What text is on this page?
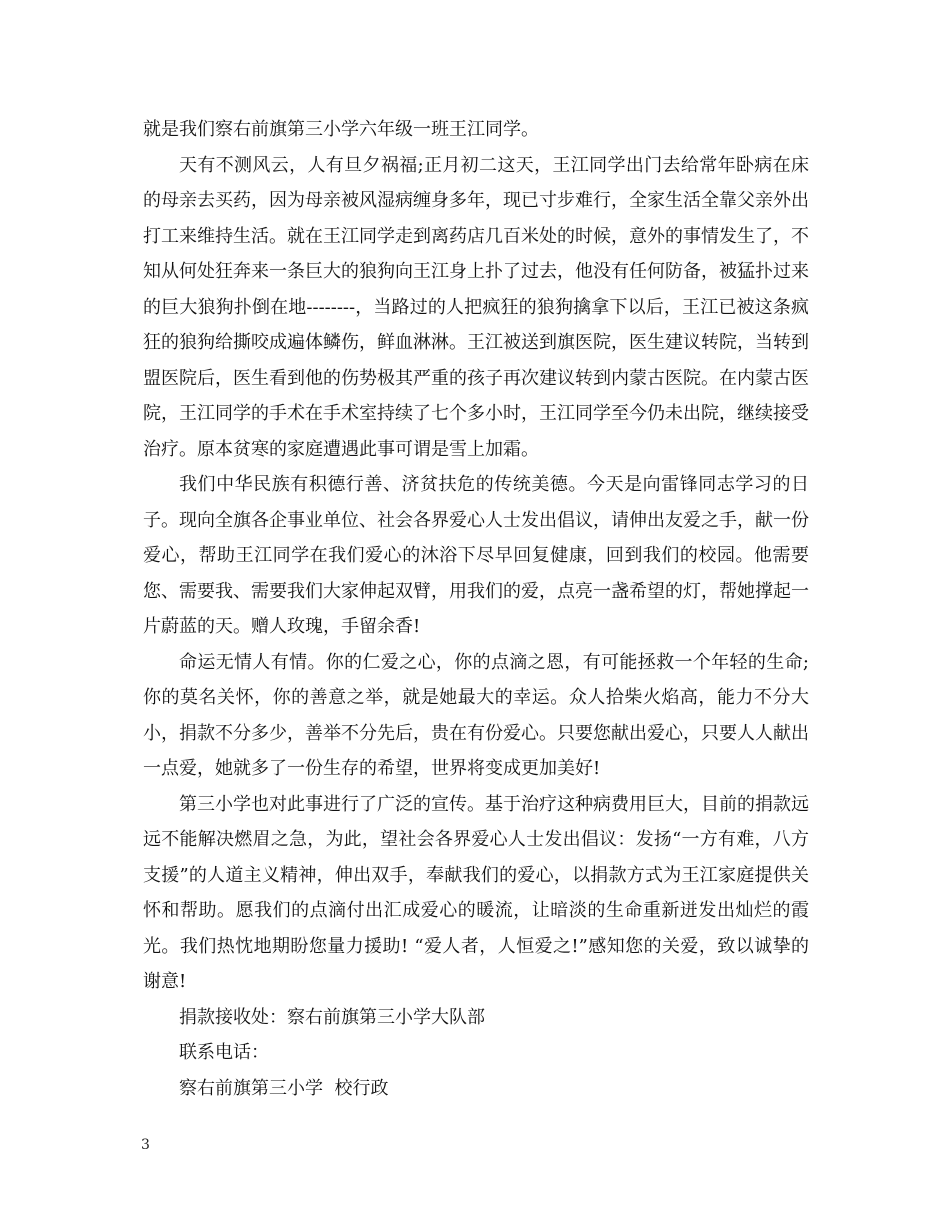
就是我们察右前旗第三小学六年级一班王江同学。

天有不测风云，人有旦夕祸福;正月初二这天，王江同学出门去给常年卧病在床的母亲去买药，因为母亲被风湿病缠身多年，现已寸步难行，全家生活全靠父亲外出打工来维持生活。就在王江同学走到离药店几百米处的时候，意外的事情发生了，不知从何处狂奔来一条巨大的狼狗向王江身上扑了过去，他没有任何防备，被猛扑过来的巨大狼狗扑倒在地--------，当路过的人把疯狂的狼狗擒拿下以后，王江已被这条疯狂的狼狗给撕咬成遍体鳞伤，鲜血淋淋。王江被送到旗医院，医生建议转院，当转到盟医院后，医生看到他的伤势极其严重的孩子再次建议转到内蒙古医院。在内蒙古医院，王江同学的手术在手术室持续了七个多小时，王江同学至今仍未出院，继续接受治疗。原本贫寒的家庭遭遇此事可谓是雪上加霜。

我们中华民族有积德行善、济贫扶危的传统美德。今天是向雷锋同志学习的日子。现向全旗各企事业单位、社会各界爱心人士发出倡议，请伸出友爱之手，献一份爱心，帮助王江同学在我们爱心的沐浴下尽早回复健康，回到我们的校园。他需要您、需要我、需要我们大家伸起双臂，用我们的爱，点亮一盏希望的灯，帮她撑起一片蔚蓝的天。赠人玫瑰，手留余香!

命运无情人有情。你的仁爱之心，你的点滴之恩，有可能拯救一个年轻的生命;你的莫名关怀，你的善意之举，就是她最大的幸运。众人拾柴火焰高，能力不分大小，捐款不分多少，善举不分先后，贵在有份爱心。只要您献出爱心，只要人人献出一点爱，她就多了一份生存的希望，世界将变成更加美好!

第三小学也对此事进行了广泛的宣传。基于治疗这种病费用巨大，目前的捐款远远不能解决燃眉之急，为此，望社会各界爱心人士发出倡议：发扬“一方有难，八方支援”的人道主义精神，伸出双手，奉献我们的爱心，以捐款方式为王江家庭提供关怀和帮助。愿我们的点滴付出汇成爱心的暖流，让暗淡的生命重新迸发出灿烂的霞光。我们热忱地期盼您量力援助! “爱人者，人恒爱之!”感知您的关爱，致以诚挚的谢意!

捐款接收处：察右前旗第三小学大队部

联系电话：

察右前旗第三小学  校行政

3
